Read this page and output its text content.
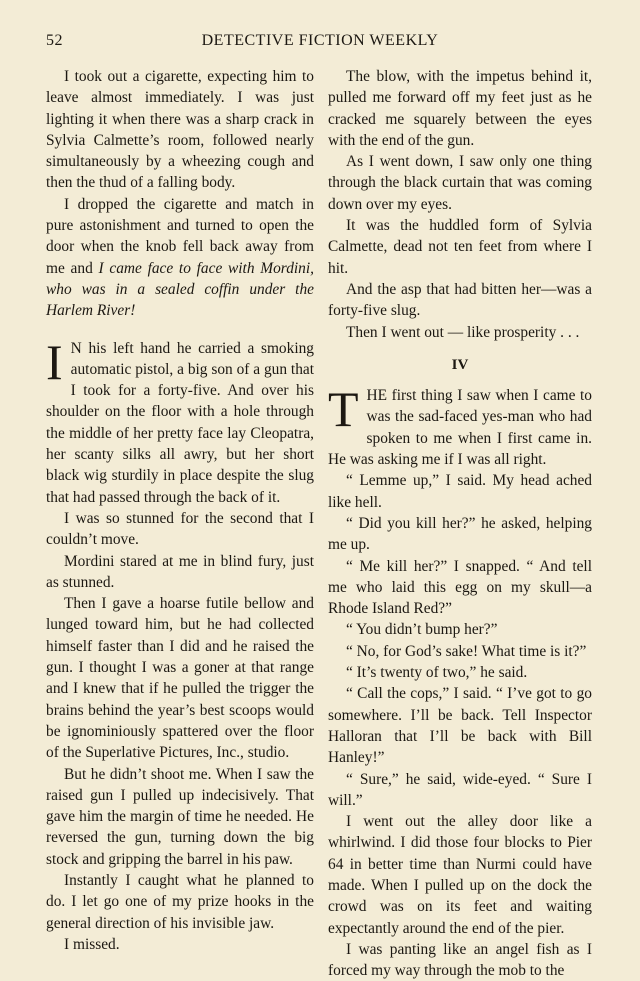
52	DETECTIVE FICTION WEEKLY

I took out a cigarette, expecting him to leave almost immediately. I was just lighting it when there was a sharp crack in Sylvia Calmette’s room, followed nearly simultaneously by a wheezing cough and then the thud of a falling body.

I dropped the cigarette and match in pure astonishment and turned to open the door when the knob fell back away from me and I came face to face with Mordini, who was in a sealed coffin under the Harlem River!

I N his left hand he carried a smoking automatic pistol, a big son of a gun that I took for a forty-five. And over his shoulder on the floor with a hole through the middle of her pretty face lay Cleopatra, her scanty silks all awry, but her short black wig sturdily in place despite the slug that had passed through the back of it.

I was so stunned for the second that I couldn’t move.

Mordini stared at me in blind fury, just as stunned.

Then I gave a hoarse futile bellow and lunged toward him, but he had collected himself faster than I did and he raised the gun. I thought I was a goner at that range and I knew that if he pulled the trigger the brains behind the year’s best scoops would be ignominiously spattered over the floor of the Superlative Pictures, Inc., studio.

But he didn’t shoot me. When I saw the raised gun I pulled up indecisively. That gave him the margin of time he needed. He reversed the gun, turning down the big stock and gripping the barrel in his paw.

Instantly I caught what he planned to do. I let go one of my prize hooks in the general direction of his invisible jaw.

I missed.

The blow, with the impetus behind it, pulled me forward off my feet just as he cracked me squarely between the eyes with the end of the gun.

As I went down, I saw only one thing through the black curtain that was coming down over my eyes.

It was the huddled form of Sylvia Calmette, dead not ten feet from where I hit.

And the asp that had bitten her—was a forty-five slug.

Then I went out — like prosperity . . .

IV

THE first thing I saw when I came to was the sad-faced yes-man who had spoken to me when I first came in. He was asking me if I was all right.

“ Lemme up,” I said. My head ached like hell.

“ Did you kill her?” he asked, helping me up.

“ Me kill her?” I snapped. “ And tell me who laid this egg on my skull—a Rhode Island Red?”

“ You didn’t bump her?”

“ No, for God’s sake! What time is it?”

“ It’s twenty of two,” he said.

“ Call the cops,” I said. “ I’ve got to go somewhere. I’ll be back. Tell Inspector Halloran that I’ll be back with Bill Hanley!”

“ Sure,” he said, wide-eyed. “ Sure I will.”

I went out the alley door like a whirlwind. I did those four blocks to Pier 64 in better time than Nurmi could have made. When I pulled up on the dock the crowd was on its feet and waiting expectantly around the end of the pier.

I was panting like an angel fish as I forced my way through the mob to the
